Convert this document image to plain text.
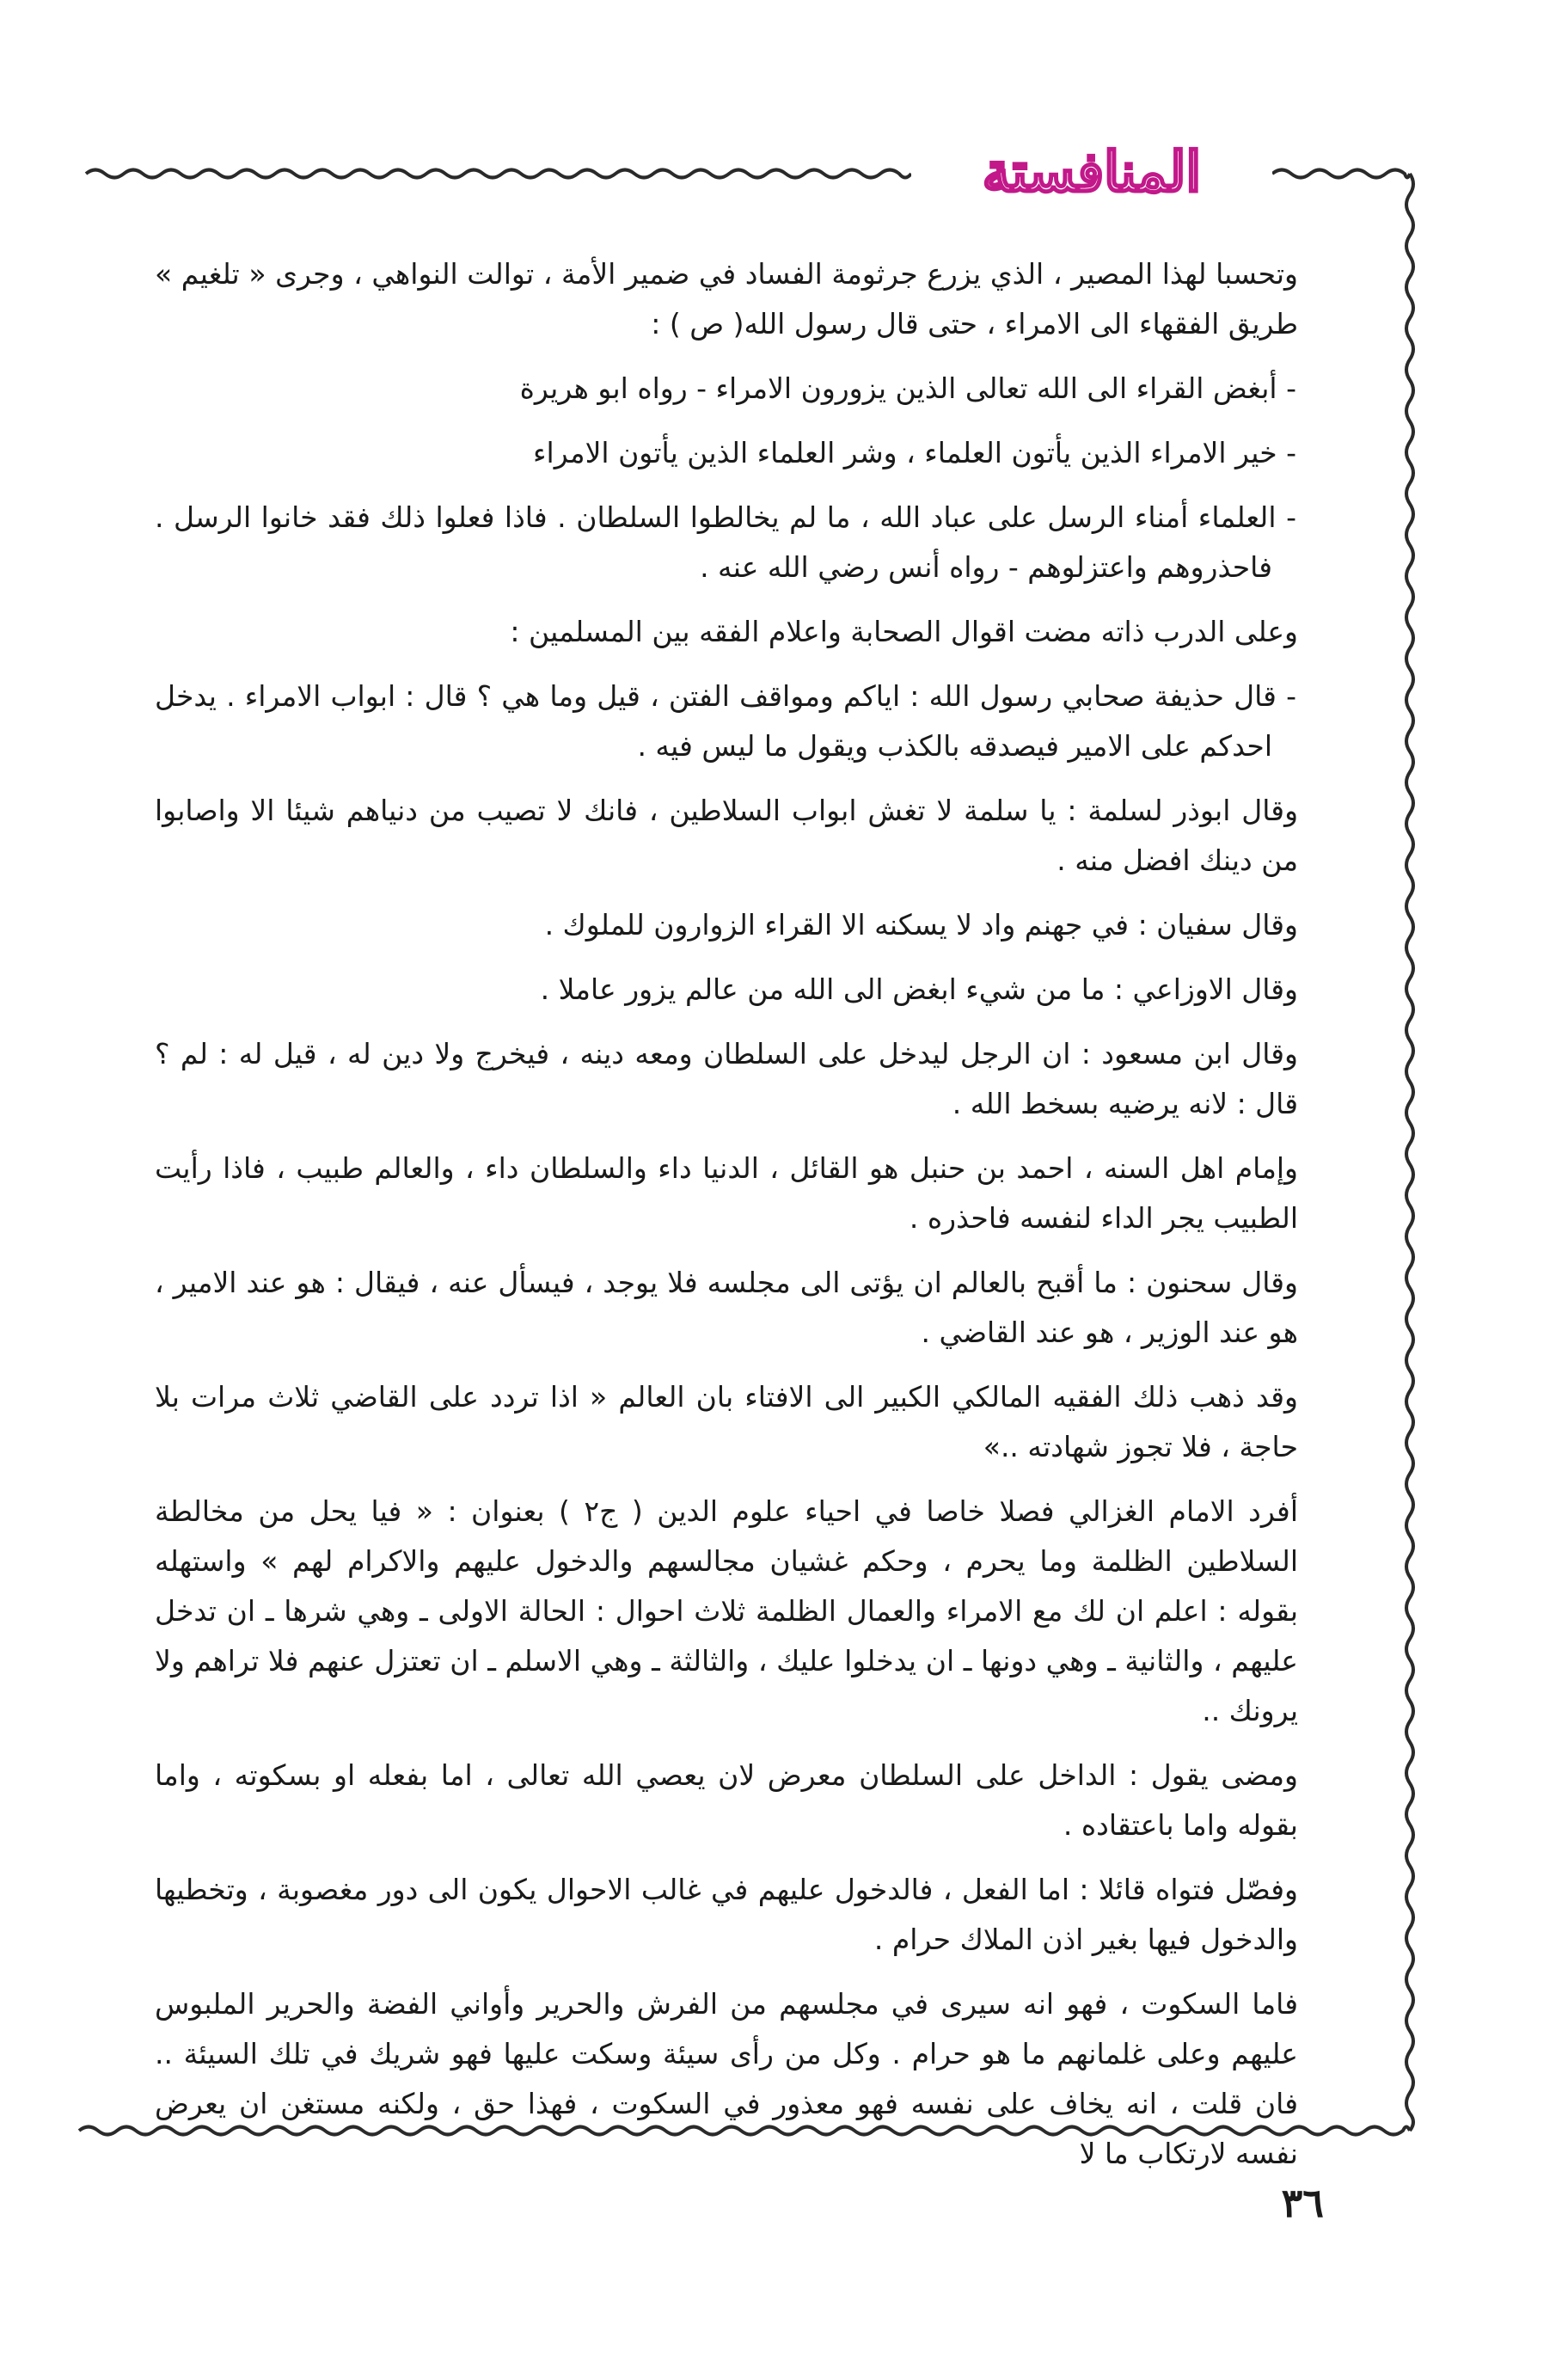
المنافستة

وتحسبا لهذا المصير ، الذي يزرع جرثومة الفساد في ضمير الأمة ، توالت النواهي ، وجرى « تلغيم » طريق الفقهاء الى الامراء ، حتى قال رسول الله( ص ) :

- أبغض القراء الى الله تعالى الذين يزورون الامراء - رواه ابو هريرة

- خير الامراء الذين يأتون العلماء ، وشر العلماء الذين يأتون الامراء

- العلماء أمناء الرسل على عباد الله ، ما لم يخالطوا السلطان . فاذا فعلوا ذلك فقد خانوا الرسل . فاحذروهم واعتزلوهم - رواه أنس رضي الله عنه .

وعلى الدرب ذاته مضت اقوال الصحابة واعلام الفقه بين المسلمين :

- قال حذيفة صحابي رسول الله : اياكم ومواقف الفتن ، قيل وما هي ؟ قال : ابواب الامراء . يدخل احدكم على الامير فيصدقه بالكذب ويقول ما ليس فيه .

وقال ابوذر لسلمة : يا سلمة لا تغش ابواب السلاطين ، فانك لا تصيب من دنياهم شيئا الا واصابوا من دينك افضل منه .

وقال سفيان : في جهنم واد لا يسكنه الا القراء الزوارون للملوك .

وقال الاوزاعي : ما من شيء ابغض الى الله من عالم يزور عاملا .

وقال ابن مسعود : ان الرجل ليدخل على السلطان ومعه دينه ، فيخرج ولا دين له ، قيل له : لم ؟ قال : لانه يرضيه بسخط الله .

وإمام اهل السنه ، احمد بن حنبل هو القائل ، الدنيا داء والسلطان داء ، والعالم طبيب ، فاذا رأيت الطبيب يجر الداء لنفسه فاحذره .

وقال سحنون : ما أقبح بالعالم ان يؤتى الى مجلسه فلا يوجد ، فيسأل عنه ، فيقال : هو عند الامير ، هو عند الوزير ، هو عند القاضي .

وقد ذهب ذلك الفقيه المالكي الكبير الى الافتاء بان العالم « اذا تردد على القاضي ثلاث مرات بلا حاجة ، فلا تجوز شهادته ..»

أفرد الامام الغزالي فصلا خاصا في احياء علوم الدين ( ج٢ ) بعنوان : « فيا يحل من مخالطة السلاطين الظلمة وما يحرم ، وحكم غشيان مجالسهم والدخول عليهم والاكرام لهم » واستهله بقوله : اعلم ان لك مع الامراء والعمال الظلمة ثلاث احوال : الحالة الاولى ـ وهي شرها ـ ان تدخل عليهم ، والثانية ـ وهي دونها ـ ان يدخلوا عليك ، والثالثة ـ وهي الاسلم ـ ان تعتزل عنهم فلا تراهم ولا يرونك ..

ومضى يقول : الداخل على السلطان معرض لان يعصي الله تعالى ، اما بفعله او بسكوته ، واما بقوله واما باعتقاده .

وفصّل فتواه قائلا : اما الفعل ، فالدخول عليهم في غالب الاحوال يكون الى دور مغصوبة ، وتخطيها والدخول فيها بغير اذن الملاك حرام .

فاما السكوت ، فهو انه سيرى في مجلسهم من الفرش والحرير وأواني الفضة والحرير الملبوس عليهم وعلى غلمانهم ما هو حرام . وكل من رأى سيئة وسكت عليها فهو شريك في تلك السيئة .. فان قلت ، انه يخاف على نفسه فهو معذور في السكوت ، فهذا حق ، ولكنه مستغن ان يعرض نفسه لارتكاب ما لا

٣٦
